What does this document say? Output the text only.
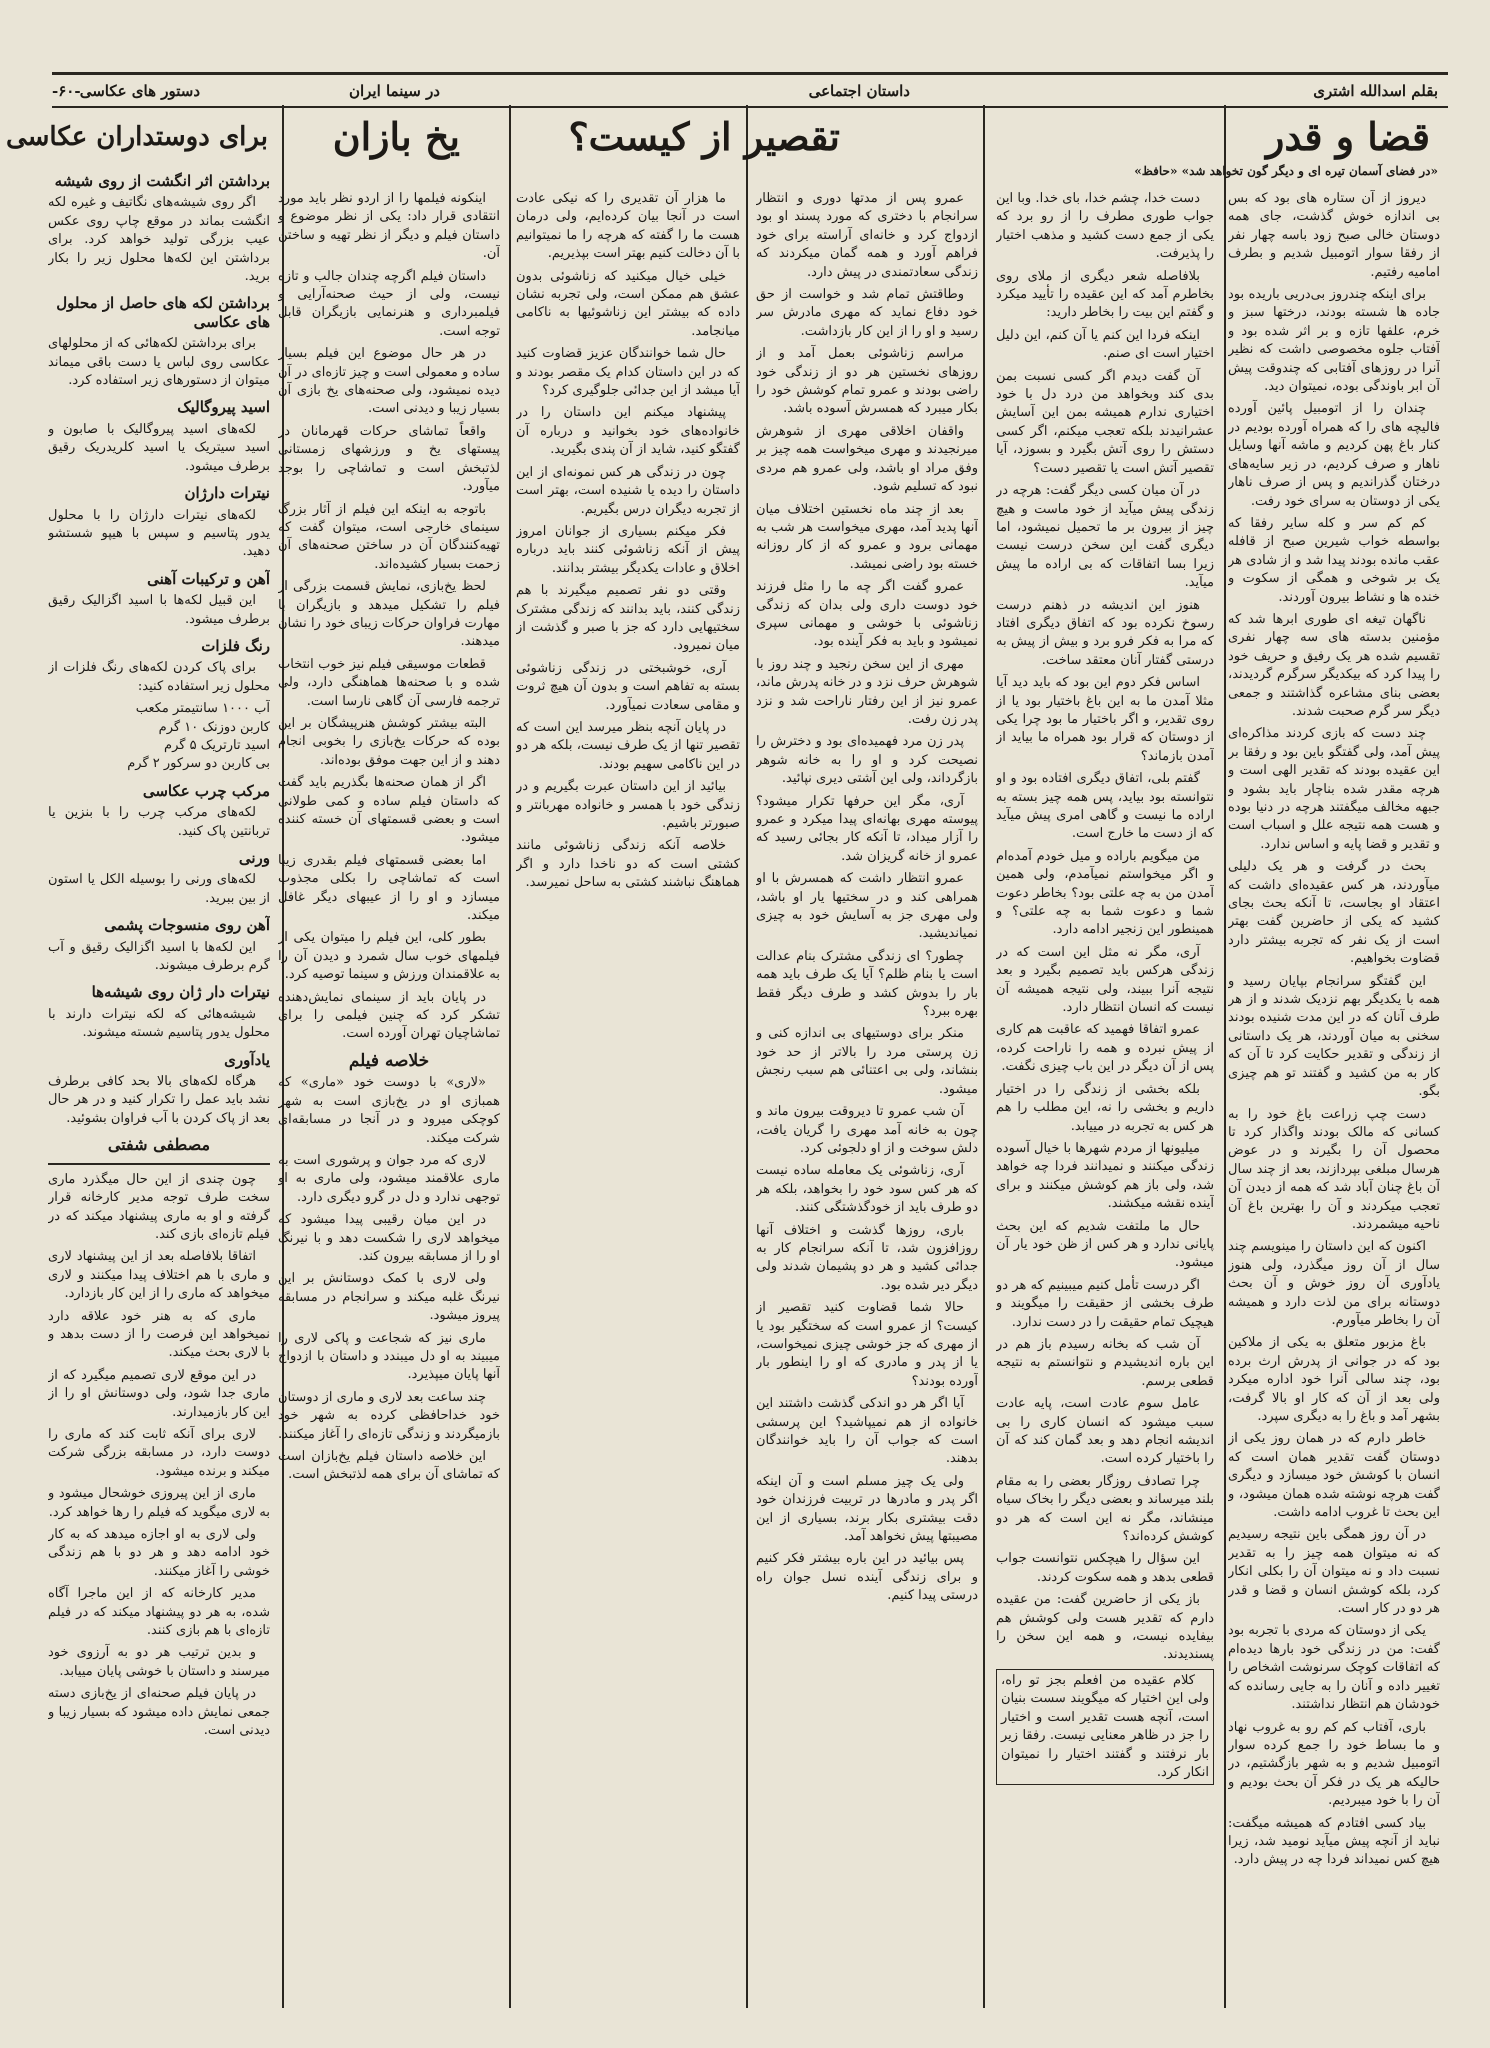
بقلم اسدالله اشتری
داستان اجتماعی
در سینما ایران
دستور های عکاسی
-۶۰-
قضا و قدر
«در فضای آسمان تیره ای و دیگر گون تخواهد شد» «حافظ»

دیروز از آن ستاره های بود که بس بی اندازه خوش گذشت، جای همه دوستان خالی صبح زود باسه چهار نفر از رفقا سوار اتومبیل شدیم و بطرف امامیه رفتیم.

برای اینکه چندروز بی‌دریی باریده بود جاده ها شسته بودند، درختها سبز و خرم، علفها تازه و بر اثر شده بود و آفتاب جلوه مخصوصی داشت که نظیر آنرا در روزهای آفتابی که چندوقت پیش آن ابر باوندگی بوده، نمیتوان دید.

چندان را از اتومبیل پائین آورده فالیچه های را که همراه آورده بودیم در کنار باغ پهن کردیم و ماشه آنها وسایل ناهار و صرف کردیم، در زیر سایه‌های درختان گذراندیم و پس از صرف ناهار یکی از دوستان به سرای خود رفت.

کم کم سر و کله سایر رفقا که بواسطه خواب شیرین صبح از قافله عقب مانده بودند پیدا شد و از شادی هر یک بر شوخی و همگی از سکوت و خنده ها و نشاط بیرون آوردند.

ناگهان تیغه ای طوری ابرها شد که مؤمنین بدسته های سه چهار نفری تقسیم شده هر یک رفیق و حریف خود را پیدا کرد که بیکدیگر سرگرم گردیدند، بعضی بنای مشاعره گذاشتند و جمعی دیگر سر گرم صحبت شدند.

چند دست که بازی کردند مذاکره‌ای پیش آمد، ولی گفتگو باین بود و رفقا بر این عقیده بودند که تقدیر الهی است و هرچه مقدر شده بناچار باید بشود و جبهه مخالف میگفتند هرچه در دنیا بوده و هست همه نتیجه علل و اسباب است و تقدیر و قضا پایه و اساس ندارد.

بحث در گرفت و هر یک دلیلی میآوردند، هر کس عقیده‌ای داشت که اعتقاد او بجاست، تا آنکه بحث بجای کشید که یکی از حاضرین گفت بهتر است از یک نفر که تجربه بیشتر دارد قضاوت بخواهیم.

این گفتگو سرانجام بپایان رسید و همه با یکدیگر بهم نزدیک شدند و از هر طرف آنان که در این مدت شنیده بودند سخنی به میان آوردند، هر یک داستانی از زندگی و تقدیر حکایت کرد تا آن که کار به من کشید و گفتند تو هم چیزی بگو.

دست چپ زراعت باغ خود را به کسانی که مالک بودند واگذار کرد تا محصول آن را بگیرند و در عوض هرسال مبلغی بپردازند، بعد از چند سال آن باغ چنان آباد شد که همه از دیدن آن تعجب میکردند و آن را بهترین باغ آن ناحیه میشمردند.

اکنون که این داستان را مینویسم چند سال از آن روز میگذرد، ولی هنوز یادآوری آن روز خوش و آن بحث دوستانه برای من لذت دارد و همیشه آن را بخاطر میآورم.

باغ مزبور متعلق به یکی از ملاکین بود که در جوانی از پدرش ارث برده بود، چند سالی آنرا خود اداره میکرد ولی بعد از آن که کار او بالا گرفت، بشهر آمد و باغ را به دیگری سپرد.

خاطر دارم که در همان روز یکی از دوستان گفت تقدیر همان است که انسان با کوشش خود میسازد و دیگری گفت هرچه نوشته شده همان میشود، و این بحث تا غروب ادامه داشت.

در آن روز همگی باین نتیجه رسیدیم که نه میتوان همه چیز را به تقدیر نسبت داد و نه میتوان آن را بکلی انکار کرد، بلکه کوشش انسان و قضا و قدر هر دو در کار است.

یکی از دوستان که مردی با تجربه بود گفت: من در زندگی خود بارها دیده‌ام که اتفاقات کوچک سرنوشت اشخاص را تغییر داده و آنان را به جایی رسانده که خودشان هم انتظار نداشتند.

باری، آفتاب کم کم رو به غروب نهاد و ما بساط خود را جمع کرده سوار اتومبیل شدیم و به شهر بازگشتیم، در حالیکه هر یک در فکر آن بحث بودیم و آن را با خود میبردیم.

بیاد کسی افتادم که همیشه میگفت: نباید از آنچه پیش میآید نومید شد، زیرا هیچ کس نمیداند فردا چه در پیش دارد.

دست خدا، چشم خدا، بای خدا. وبا این جواب طوری مطرف را از رو برد که یکی از جمع دست کشید و مذهب اختیار را پذیرفت.

بلافاصله شعر دیگری از ملای روی بخاطرم آمد که این عقیده را تأیید میکرد و گفتم این بیت را بخاطر دارید:

اینکه فردا این کنم یا آن کنم، این دلیل اختیار است ای صنم.

آن گفت دیدم اگر کسی نسبت بمن بدی کند وبخواهد من درد دل با خود اختیاری ندارم همیشه بمن این آسایش عشرانیدند بلکه تعجب میکنم، اگر کسی دستش را روی آتش بگیرد و بسوزد، آیا تقصیر آتش است یا تقصیر دست؟

در آن میان کسی دیگر گفت: هرچه در زندگی پیش میآید از خود ماست و هیچ چیز از بیرون بر ما تحمیل نمیشود، اما دیگری گفت این سخن درست نیست زیرا بسا اتفاقات که بی اراده ما پیش میآید.

هنوز این اندیشه در ذهنم درست رسوخ نکرده بود که اتفاق دیگری افتاد که مرا به فکر فرو برد و بیش از پیش به درستی گفتار آنان معتقد ساخت.

اساس فکر دوم این بود که باید دید آیا مثلا آمدن ما به این باغ باختیار بود یا از روی تقدیر، و اگر باختیار ما بود چرا یکی از دوستان که قرار بود همراه ما بیاید از آمدن بازماند؟

گفتم بلی، اتفاق دیگری افتاده بود و او نتوانسته بود بیاید، پس همه چیز بسته به اراده ما نیست و گاهی امری پیش میآید که از دست ما خارج است.

من میگویم باراده و میل خودم آمده‌ام و اگر میخواستم نمیآمدم، ولی همین آمدن من به چه علتی بود؟ بخاطر دعوت شما و دعوت شما به چه علتی؟ و همینطور این زنجیر ادامه دارد.

آری، مگر نه مثل این است که در زندگی هرکس باید تصمیم بگیرد و بعد نتیجه آنرا ببیند، ولی نتیجه همیشه آن نیست که انسان انتظار دارد.

عمرو اتفاقا فهمید که عاقبت هم کاری از پیش نبرده و همه را ناراحت کرده، پس از آن دیگر در این باب چیزی نگفت.

بلکه بخشی از زندگی را در اختیار داریم و بخشی را نه، این مطلب را هم هر کس به تجربه در مییابد.

میلیونها از مردم شهرها با خیال آسوده زندگی میکنند و نمیدانند فردا چه خواهد شد، ولی باز هم کوشش میکنند و برای آینده نقشه میکشند.

حال ما ملتفت شدیم که این بحث پایانی ندارد و هر کس از ظن خود یار آن میشود.

اگر درست تأمل کنیم میبینیم که هر دو طرف بخشی از حقیقت را میگویند و هیچیک تمام حقیقت را در دست ندارد.

آن شب که بخانه رسیدم باز هم در این باره اندیشیدم و نتوانستم به نتیجه قطعی برسم.

عامل سوم عادت است، پایه عادت سبب میشود که انسان کاری را بی اندیشه انجام دهد و بعد گمان کند که آن را باختیار کرده است.

چرا تصادف روزگار بعضی را به مقام بلند میرساند و بعضی دیگر را بخاک سیاه مینشاند، مگر نه این است که هر دو کوشش کرده‌اند؟

این سؤال را هیچکس نتوانست جواب قطعی بدهد و همه سکوت کردند.

باز یکی از حاضرین گفت: من عقیده دارم که تقدیر هست ولی کوشش هم بیفایده نیست، و همه این سخن را پسندیدند.

کلام عقیده من افعلم بجز تو راه، ولی این اختیار که میگویند سست بنیان است، آنچه هست تقدیر است و اختیار را جز در ظاهر معنایی نیست. رفقا زیر بار نرفتند و گفتند اختیار را نمیتوان انکار کرد.

تقصیر از کیست؟

عمرو پس از مدتها دوری و انتظار سرانجام با دختری که مورد پسند او بود ازدواج کرد و خانه‌ای آراسته برای خود فراهم آورد و همه گمان میکردند که زندگی سعادتمندی در پیش دارد.

وطاقتش تمام شد و خواست از حق خود دفاع نماید که مهری مادرش سر رسید و او را از این کار بازداشت.

مراسم زناشوئی بعمل آمد و از روزهای نخستین هر دو از زندگی خود راضی بودند و عمرو تمام کوشش خود را بکار میبرد که همسرش آسوده باشد.

واقفان اخلاقی مهری از شوهرش میرنجیدند و مهری میخواست همه چیز بر وفق مراد او باشد، ولی عمرو هم مردی نبود که تسلیم شود.

بعد از چند ماه نخستین اختلاف میان آنها پدید آمد، مهری میخواست هر شب به مهمانی برود و عمرو که از کار روزانه خسته بود راضی نمیشد.

عمرو گفت اگر چه ما را مثل فرزند خود دوست داری ولی بدان که زندگی زناشوئی با خوشی و مهمانی سپری نمیشود و باید به فکر آینده بود.

مهری از این سخن رنجید و چند روز با شوهرش حرف نزد و در خانه پدرش ماند، عمرو نیز از این رفتار ناراحت شد و نزد پدر زن رفت.

پدر زن مرد فهمیده‌ای بود و دخترش را نصیحت کرد و او را به خانه شوهر بازگرداند، ولی این آشتی دیری نپائید.

آری، مگر این حرفها تکرار میشود؟ پیوسته مهری بهانه‌ای پیدا میکرد و عمرو را آزار میداد، تا آنکه کار بجائی رسید که عمرو از خانه گریزان شد.

عمرو انتظار داشت که همسرش با او همراهی کند و در سختیها یار او باشد، ولی مهری جز به آسایش خود به چیزی نمیاندیشید.

چطور؟ ای زندگی مشترک بنام عدالت است یا بنام ظلم؟ آیا یک طرف باید همه بار را بدوش کشد و طرف دیگر فقط بهره ببرد؟

منکر برای دوستیهای بی اندازه کنی و زن پرستی مرد را بالاتر از حد خود بنشاند، ولی بی اعتنائی هم سبب رنجش میشود.

آن شب عمرو تا دیروقت بیرون ماند و چون به خانه آمد مهری را گریان یافت، دلش سوخت و از او دلجوئی کرد.

آری، زناشوئی یک معامله ساده نیست که هر کس سود خود را بخواهد، بلکه هر دو طرف باید از خودگذشتگی کنند.

باری، روزها گذشت و اختلاف آنها روزافزون شد، تا آنکه سرانجام کار به جدائی کشید و هر دو پشیمان شدند ولی دیگر دیر شده بود.

حالا شما قضاوت کنید تقصیر از کیست؟ از عمرو است که سختگیر بود یا از مهری که جز خوشی چیزی نمیخواست، یا از پدر و مادری که او را اینطور بار آورده بودند؟

آیا اگر هر دو اندکی گذشت داشتند این خانواده از هم نمیپاشید؟ این پرسشی است که جواب آن را باید خوانندگان بدهند.

ولی یک چیز مسلم است و آن اینکه اگر پدر و مادرها در تربیت فرزندان خود دقت بیشتری بکار برند، بسیاری از این مصیبتها پیش نخواهد آمد.

پس بیائید در این باره بیشتر فکر کنیم و برای زندگی آینده نسل جوان راه درستی پیدا کنیم.

ما هزار آن تقدیری را که نیکی عادت است در آنجا بیان کرده‌ایم، ولی درمان هست ما را گفته که هرچه را ما نمیتوانیم با آن دخالت کنیم بهتر است بپذیریم.

خیلی خیال میکنید که زناشوئی بدون عشق هم ممکن است، ولی تجربه نشان داده که بیشتر این زناشوئیها به ناکامی میانجامد.

حال شما خوانندگان عزیز قضاوت کنید که در این داستان کدام یک مقصر بودند و آیا میشد از این جدائی جلوگیری کرد؟

پیشنهاد میکنم این داستان را در خانواده‌های خود بخوانید و درباره آن گفتگو کنید، شاید از آن پندی بگیرید.

چون در زندگی هر کس نمونه‌ای از این داستان را دیده یا شنیده است، بهتر است از تجربه دیگران درس بگیریم.

فکر میکنم بسیاری از جوانان امروز پیش از آنکه زناشوئی کنند باید درباره اخلاق و عادات یکدیگر بیشتر بدانند.

وقتی دو نفر تصمیم میگیرند با هم زندگی کنند، باید بدانند که زندگی مشترک سختیهایی دارد که جز با صبر و گذشت از میان نمیرود.

آری، خوشبختی در زندگی زناشوئی بسته به تفاهم است و بدون آن هیچ ثروت و مقامی سعادت نمیآورد.

در پایان آنچه بنظر میرسد این است که تقصیر تنها از یک طرف نیست، بلکه هر دو در این ناکامی سهیم بودند.

بیائید از این داستان عبرت بگیریم و در زندگی خود با همسر و خانواده مهربانتر و صبورتر باشیم.

خلاصه آنکه زندگی زناشوئی مانند کشتی است که دو ناخدا دارد و اگر هماهنگ نباشند کشتی به ساحل نمیرسد.

یخ بازان

اینکونه فیلمها را از اردو نظر باید مورد انتقادی قرار داد: یکی از نظر موضوع و داستان فیلم و دیگر از نظر تهیه و ساختن آن.

داستان فیلم اگرچه چندان جالب و تازه نیست، ولی از حیث صحنه‌آرایی و فیلمبرداری و هنرنمایی بازیگران قابل توجه است.

در هر حال موضوع این فیلم بسیار ساده و معمولی است و چیز تازه‌ای در آن دیده نمیشود، ولی صحنه‌های یخ بازی آن بسیار زیبا و دیدنی است.

واقعاً تماشای حرکات قهرمانان در پیستهای یخ و ورزشهای زمستانی لذتبخش است و تماشاچی را بوجد میآورد.

باتوجه به اینکه این فیلم از آثار بزرگ سینمای خارجی است، میتوان گفت که تهیه‌کنندگان آن در ساختن صحنه‌های آن زحمت بسیار کشیده‌اند.

لحظ یخ‌بازی، نمایش قسمت بزرگی از فیلم را تشکیل میدهد و بازیگران با مهارت فراوان حرکات زیبای خود را نشان میدهند.

قطعات موسیقی فیلم نیز خوب انتخاب شده و با صحنه‌ها هماهنگی دارد، ولی ترجمه فارسی آن گاهی نارسا است.

البته بیشتر کوشش هنرپیشگان بر این بوده که حرکات یخ‌بازی را بخوبی انجام دهند و از این جهت موفق بوده‌اند.

اگر از همان صحنه‌ها بگذریم باید گفت که داستان فیلم ساده و کمی طولانی است و بعضی قسمتهای آن خسته کننده میشود.

اما بعضی قسمتهای فیلم بقدری زیبا است که تماشاچی را بکلی مجذوب میسازد و او را از عیبهای دیگر غافل میکند.

بطور کلی، این فیلم را میتوان یکی از فیلمهای خوب سال شمرد و دیدن آن را به علاقمندان ورزش و سینما توصیه کرد.

در پایان باید از سینمای نمایش‌دهنده تشکر کرد که چنین فیلمی را برای تماشاچیان تهران آورده است.

خلاصه فیلم

«لاری» با دوست خود «ماری» که همبازی او در یخ‌بازی است به شهر کوچکی میرود و در آنجا در مسابقه‌ای شرکت میکند.

لاری که مرد جوان و پرشوری است به ماری علاقمند میشود، ولی ماری به او توجهی ندارد و دل در گرو دیگری دارد.

در این میان رقیبی پیدا میشود که میخواهد لاری را شکست دهد و با نیرنگ او را از مسابقه بیرون کند.

ولی لاری با کمک دوستانش بر این نیرنگ غلبه میکند و سرانجام در مسابقه پیروز میشود.

ماری نیز که شجاعت و پاکی لاری را میبیند به او دل میبندد و داستان با ازدواج آنها پایان میپذیرد.

چند ساعت بعد لاری و ماری از دوستان خود خداحافظی کرده به شهر خود بازمیگردند و زندگی تازه‌ای را آغاز میکنند.

این خلاصه داستان فیلم یخ‌بازان است که تماشای آن برای همه لذتبخش است.

برای دوستداران عکاسی
برداشتن اثر انگشت از روی شیشه

اگر روی شیشه‌های نگاتیف و غیره لکه انگشت بماند در موقع چاپ روی عکس عیب بزرگی تولید خواهد کرد. برای برداشتن این لکه‌ها محلول زیر را بکار برید.

برداشتن لکه های حاصل از محلول های عکاسی

برای برداشتن لکه‌هائی که از محلولهای عکاسی روی لباس یا دست باقی میماند میتوان از دستورهای زیر استفاده کرد.

اسید پیروگالیک

لکه‌های اسید پیروگالیک با صابون و اسید سیتریک یا اسید کلریدریک رقیق برطرف میشود.

نیترات دارژان

لکه‌های نیترات دارژان را با محلول یدور پتاسیم و سپس با هیپو شستشو دهید.

آهن و ترکیبات آهنی

این قبیل لکه‌ها با اسید اگزالیک رقیق برطرف میشود.

رنگ فلزات

برای پاک کردن لکه‌های رنگ فلزات از محلول زیر استفاده کنید:

آب ۱۰۰۰ سانتیمتر مکعب
کاربن دوزنک ۱۰ گرم
اسید تارتریک ۵ گرم
بی کاربن دو سرکور ۲ گرم
مرکب چرب عکاسی

لکه‌های مرکب چرب را با بنزین یا تربانتین پاک کنید.

ورنی

لکه‌های ورنی را بوسیله الکل یا استون از بین ببرید.

آهن روی منسوجات پشمی

این لکه‌ها با اسید اگزالیک رقیق و آب گرم برطرف میشوند.

نیترات دار ژان روی شیشه‌ها

شیشه‌هائی که لکه نیترات دارند با محلول یدور پتاسیم شسته میشوند.

یادآوری

هرگاه لکه‌های بالا بحد کافی برطرف نشد باید عمل را تکرار کنید و در هر حال بعد از پاک کردن با آب فراوان بشوئید.

مصطفی شفتی

چون چندی از این حال میگذرد ماری سخت طرف توجه مدیر کارخانه قرار گرفته و او به ماری پیشنهاد میکند که در فیلم تازه‌ای بازی کند.

اتفاقا بلافاصله بعد از این پیشنهاد لاری و ماری با هم اختلاف پیدا میکنند و لاری میخواهد که ماری را از این کار بازدارد.

ماری که به هنر خود علاقه دارد نمیخواهد این فرصت را از دست بدهد و با لاری بحث میکند.

در این موقع لاری تصمیم میگیرد که از ماری جدا شود، ولی دوستانش او را از این کار بازمیدارند.

لاری برای آنکه ثابت کند که ماری را دوست دارد، در مسابقه بزرگی شرکت میکند و برنده میشود.

ماری از این پیروزی خوشحال میشود و به لاری میگوید که فیلم را رها خواهد کرد.

ولی لاری به او اجازه میدهد که به کار خود ادامه دهد و هر دو با هم زندگی خوشی را آغاز میکنند.

مدیر کارخانه که از این ماجرا آگاه شده، به هر دو پیشنهاد میکند که در فیلم تازه‌ای با هم بازی کنند.

و بدین ترتیب هر دو به آرزوی خود میرسند و داستان با خوشی پایان مییابد.

در پایان فیلم صحنه‌ای از یخ‌بازی دسته جمعی نمایش داده میشود که بسیار زیبا و دیدنی است.
